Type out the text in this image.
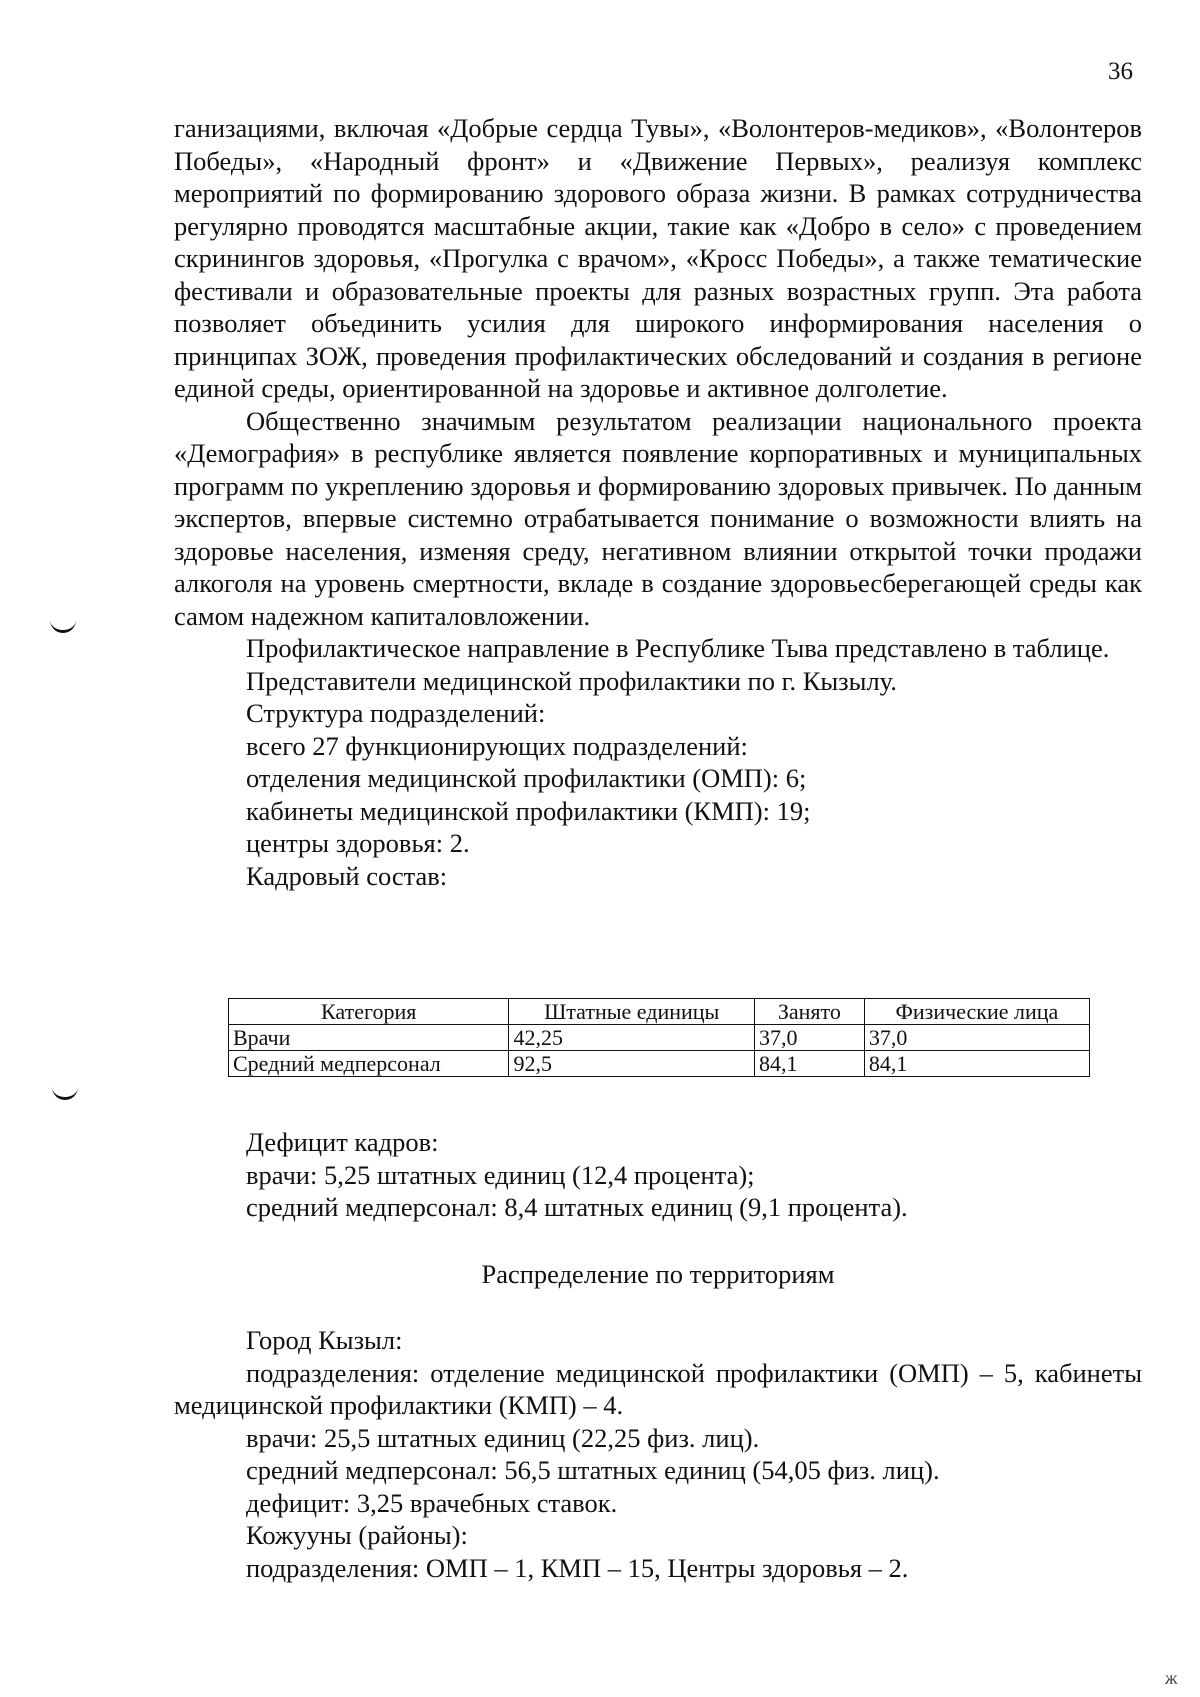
36

ганизациями, включая «Добрые сердца Тувы», «Волонтеров-медиков», «Волонтеров Победы», «Народный фронт» и «Движение Первых», реализуя комплекс мероприятий по формированию здорового образа жизни. В рамках сотрудничества регулярно проводятся масштабные акции, такие как «Добро в село» с проведением скринингов здоровья, «Прогулка с врачом», «Кросс Победы», а также тематические фестивали и образовательные проекты для разных возрастных групп. Эта работа позволяет объединить усилия для широкого информирования населения о принципах ЗОЖ, проведения профилактических обследований и создания в регионе единой среды, ориентированной на здоровье и активное долголетие.

Общественно значимым результатом реализации национального проекта «Демография» в республике является появление корпоративных и муниципальных программ по укреплению здоровья и формированию здоровых привычек. По данным экспертов, впервые системно отрабатывается понимание о возможности влиять на здоровье населения, изменяя среду, негативном влиянии открытой точки продажи алкоголя на уровень смертности, вкладе в создание здоровьесберегающей среды как самом надежном капиталовложении.

Профилактическое направление в Республике Тыва представлено в таблице.

Представители медицинской профилактики по г. Кызылу.

Структура подразделений:

всего 27 функционирующих подразделений:

отделения медицинской профилактики (ОМП): 6;

кабинеты медицинской профилактики (КМП): 19;

центры здоровья: 2.

Кадровый состав:

Категория	Штатные единицы	Занято	Физические лица
Врачи	42,25	37,0	37,0
Средний медперсонал	92,5	84,1	84,1

Дефицит кадров:

врачи: 5,25 штатных единиц (12,4 процента);

средний медперсонал: 8,4 штатных единиц (9,1 процента).

Распределение по территориям

Город Кызыл:

подразделения: отделение медицинской профилактики (ОМП) – 5, кабинеты медицинской профилактики (КМП) – 4.

врачи: 25,5 штатных единиц (22,25 физ. лиц).

средний медперсонал: 56,5 штатных единиц (54,05 физ. лиц).

дефицит: 3,25 врачебных ставок.

Кожууны (районы):

подразделения: ОМП – 1, КМП – 15, Центры здоровья – 2.

ж
